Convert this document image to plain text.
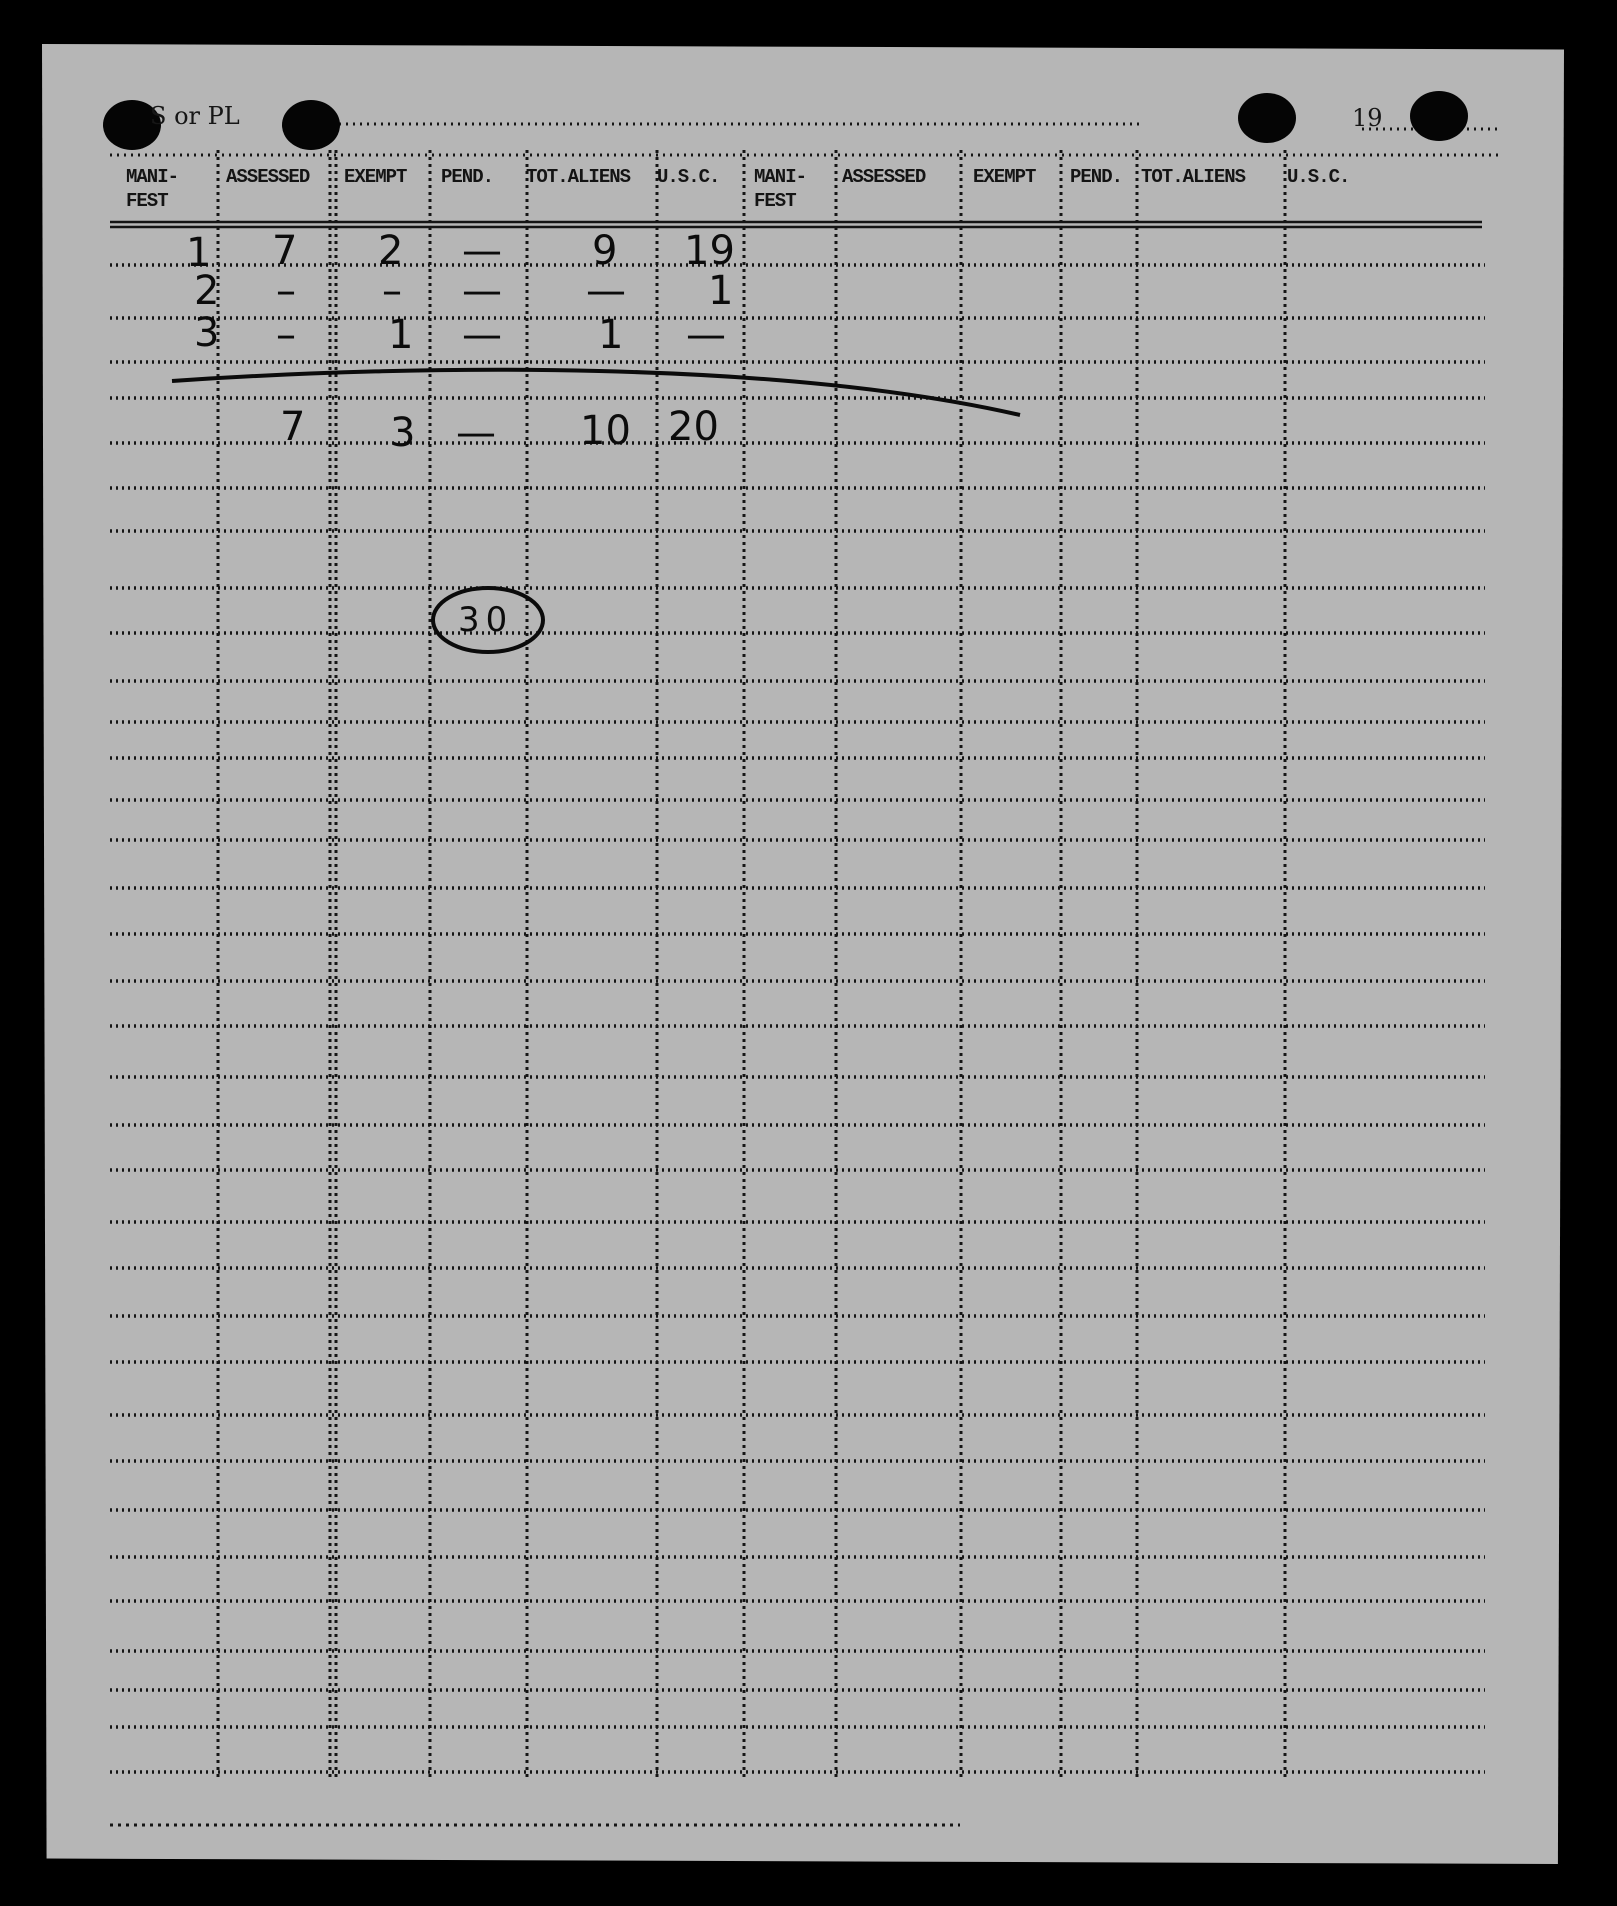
S or PL	19
MANI-
FEST
ASSESSED EXEMPT PEND. TOT.ALIENS U.S.C. MANI-
FEST
ASSESSED	EXEMPT PEND. TOT.ALIENS U.S.C.
1 7 2 — 9 19
2 – – — — 1
3 – 1 — 1 —
7 3 — 10 20
30
